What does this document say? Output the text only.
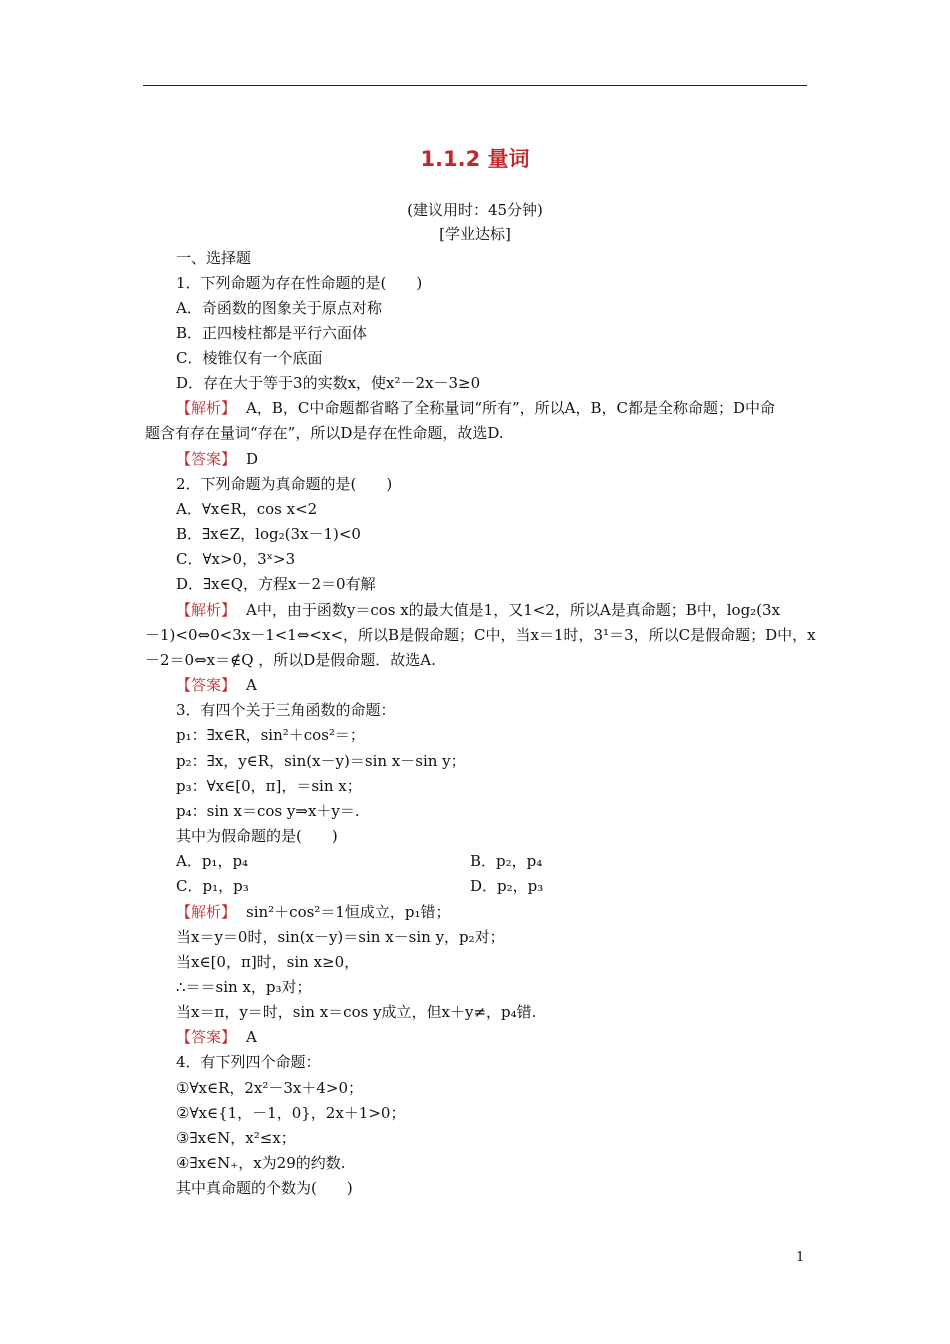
1.1.2 量词
(建议用时：45分钟)
[学业达标]
一、选择题
1．下列命题为存在性命题的是(　　)
A．奇函数的图象关于原点对称
B．正四棱柱都是平行六面体
C．棱锥仅有一个底面
D．存在大于等于3的实数x，使x²－2x－3≥0
【解析】 A，B，C中命题都省略了全称量词“所有”，所以A，B，C都是全称命题；D中命
题含有存在量词“存在”，所以D是存在性命题，故选D.
【答案】 D
2．下列命题为真命题的是(　　)
A．∀x∈R，cos x<2
B．∃x∈Z，log₂(3x－1)<0
C．∀x>0，3ˣ>3
D．∃x∈Q，方程x－2＝0有解
【解析】 A中，由于函数y＝cos x的最大值是1，又1<2，所以A是真命题；B中，log₂(3x
－1)<0⇔0<3x－1<1⇔<x<，所以B是假命题；C中，当x＝1时，3¹＝3，所以C是假命题；D中，x
－2＝0⇔x＝∉Q ，所以D是假命题．故选A.
【答案】 A
3．有四个关于三角函数的命题：
p₁：∃x∈R，sin²＋cos²＝；
p₂：∃x，y∈R，sin(x－y)＝sin x－sin y；
p₃：∀x∈[0，π]，＝sin x；
p₄：sin x＝cos y⇒x＋y＝.
其中为假命题的是(　　)
A．p₁，p₄	B．p₂，p₄
C．p₁，p₃	D．p₂，p₃
【解析】 sin²＋cos²＝1恒成立，p₁错；
当x＝y＝0时，sin(x－y)＝sin x－sin y，p₂对；
当x∈[0，π]时，sin x≥0，
∴＝＝sin x，p₃对；
当x＝π，y＝时，sin x＝cos y成立，但x＋y≠，p₄错.
【答案】 A
4．有下列四个命题：
①∀x∈R，2x²－3x＋4>0；
②∀x∈{1，－1，0}，2x＋1>0；
③∃x∈N，x²≤x；
④∃x∈N₊，x为29的约数.
其中真命题的个数为(　　)
1
